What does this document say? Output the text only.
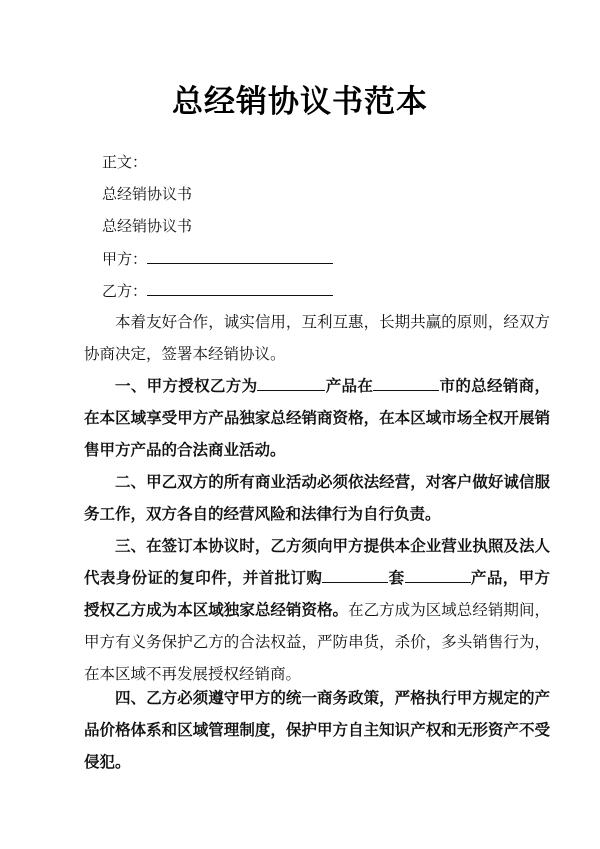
总经销协议书范本
正文：
总经销协议书
总经销协议书
甲方：
乙方：
本着友好合作，诚实信用，互利互惠，长期共赢的原则，经双方协商决定，签署本经销协议。
一、甲方授权乙方为	产品在	市的总经销商，在本区域享受甲方产品独家总经销商资格，在本区域市场全权开展销售甲方产品的合法商业活动。
二、甲乙双方的所有商业活动必须依法经营，对客户做好诚信服务工作，双方各自的经营风险和法律行为自行负责。
三、在签订本协议时，乙方须向甲方提供本企业营业执照及法人代表身份证的复印件，并首批订购	套	产品，甲方授权乙方成为本区域独家总经销资格。在乙方成为区域总经销期间，甲方有义务保护乙方的合法权益，严防串货，杀价，多头销售行为，在本区域不再发展授权经销商。
四、乙方必须遵守甲方的统一商务政策，严格执行甲方规定的产品价格体系和区域管理制度，保护甲方自主知识产权和无形资产不受侵犯。
